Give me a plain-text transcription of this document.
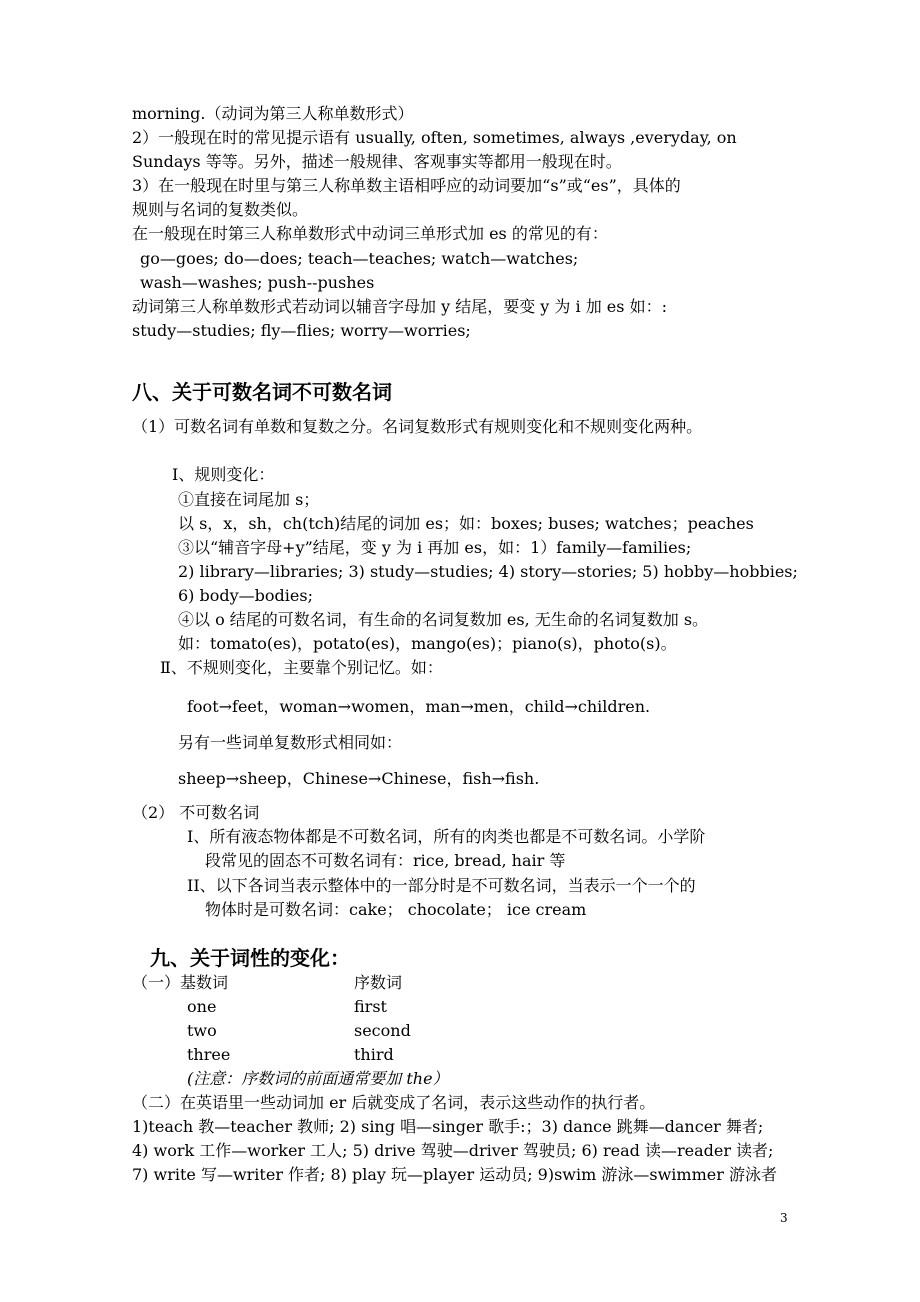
morning.（动词为第三人称单数形式）
2）一般现在时的常见提示语有 usually, often, sometimes, always ,everyday, on
Sundays 等等。另外，描述一般规律、客观事实等都用一般现在时。
3）在一般现在时里与第三人称单数主语相呼应的动词要加“s”或“es”，具体的
规则与名词的复数类似。
在一般现在时第三人称单数形式中动词三单形式加 es 的常见的有：
go—goes; do—does; teach—teaches; watch—watches;
wash—washes; push--pushes
动词第三人称单数形式若动词以辅音字母加 y 结尾，要变 y 为 i 加 es 如：:
study—studies; fly—flies; worry—worries;
八、关于可数名词不可数名词
（1）可数名词有单数和复数之分。名词复数形式有规则变化和不规则变化两种。
Ⅰ、规则变化：
①直接在词尾加 s；
以 s，x，sh，ch(tch)结尾的词加 es；如：boxes; buses; watches；peaches
③以“辅音字母+y”结尾，变 y 为 i 再加 es，如：1）family—families;
2) library—libraries; 3) study—studies; 4) story—stories; 5) hobby—hobbies;
6) body—bodies;
④以 o 结尾的可数名词，有生命的名词复数加 es, 无生命的名词复数加 s。
如：tomato(es)，potato(es)，mango(es)；piano(s)，photo(s)。
Ⅱ、不规则变化，主要靠个别记忆。如：
foot→feet，woman→women，man→men，child→children.
另有一些词单复数形式相同如：
sheep→sheep，Chinese→Chinese，fish→fish.
（2） 不可数名词
I、所有液态物体都是不可数名词，所有的肉类也都是不可数名词。小学阶
段常见的固态不可数名词有：rice, bread, hair 等
II、以下各词当表示整体中的一部分时是不可数名词，当表示一个一个的
物体时是可数名词：cake； chocolate； ice cream
九、关于词性的变化：
（一）基数词	序数词
one	first
two	second
three	third
(注意：序数词的前面通常要加 the）
（二）在英语里一些动词加 er 后就变成了名词，表示这些动作的执行者。
1)teach 教—teacher 教师; 2) sing 唱—singer 歌手:；3) dance 跳舞—dancer 舞者;
4) work 工作—worker 工人; 5) drive 驾驶—driver 驾驶员; 6) read 读—reader 读者;
7) write 写—writer 作者; 8) play 玩—player 运动员; 9)swim 游泳—swimmer 游泳者
3
